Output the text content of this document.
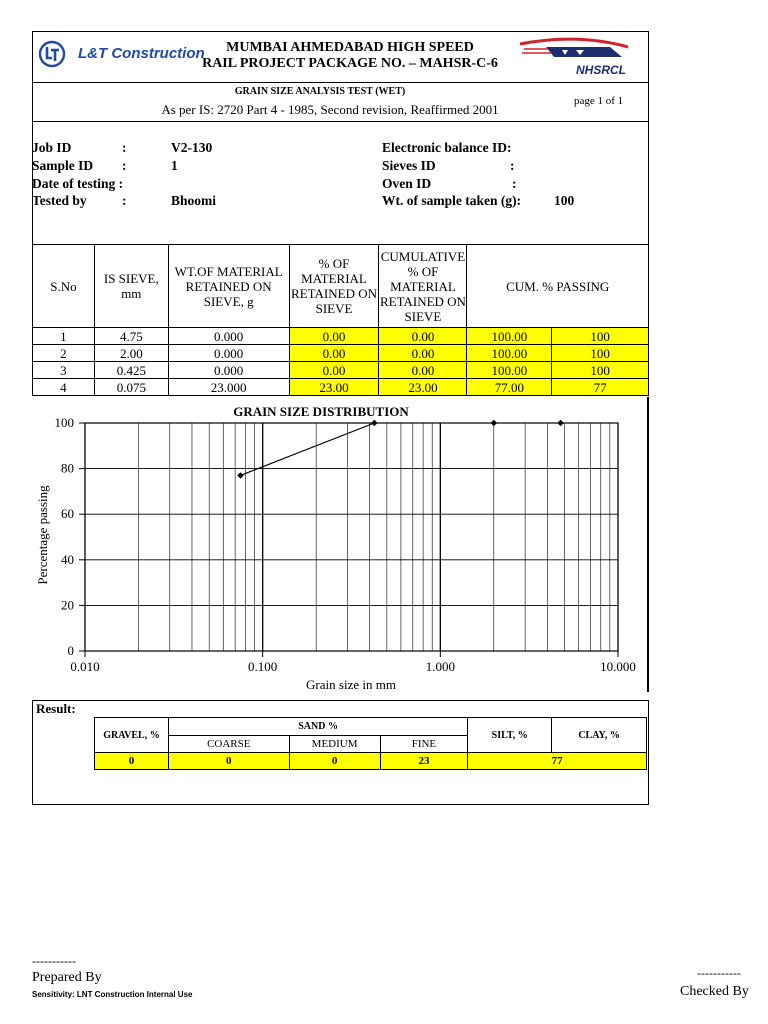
L&T Construction	MUMBAI AHMEDABAD HIGH SPEED
RAIL PROJECT PACKAGE NO. – MAHSR-C-6	NHSRCL
GRAIN SIZE ANALYSIS TEST (WET)
As per IS: 2720 Part 4 - 1985, Second revision, Reaffirmed 2001
page 1 of 1
Job ID	:	V2-130
Sample ID :	1
Date of testing :
Tested by	:	Bhoomi
Electronic balance ID:
Sieves ID	:
Oven ID	:
Wt. of sample taken (g): 100
S.No	IS SIEVE, mm	WT.OF MATERIAL RETAINED ON SIEVE, g	% OF MATERIAL RETAINED ON SIEVE	CUMULATIVE % OF MATERIAL RETAINED ON SIEVE	CUM. % PASSING	
1	4.75	0.000	0.00	0.00	100.00	100
2	2.00	0.000	0.00	0.00	100.00	100
3	0.425	0.000	0.00	0.00	100.00	100
4	0.075	23.000	23.00	23.00	77.00	77
GRAIN SIZE DISTRIBUTION
Grain size in mm
Percentage passing
0
20
40
60
80
100
0.010	0.100	1.000	10.000
Result:
GRAVEL, %	SAND %			SILT, %	CLAY, %
	COARSE	MEDIUM	FINE		
0	0	0	23	77	
-----------
Prepared By
Sensitivity: LNT Construction Internal Use
-----------
Checked By
